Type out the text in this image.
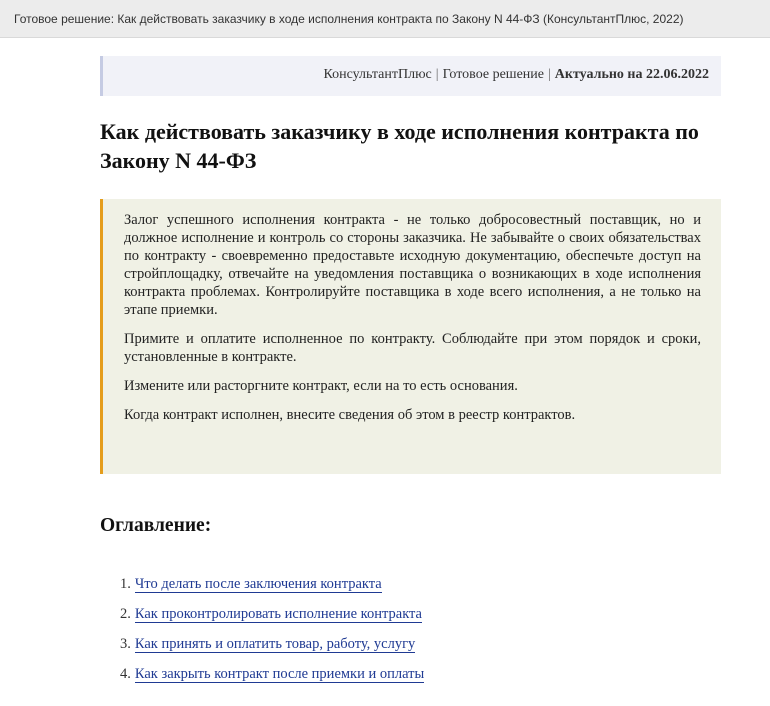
Готовое решение: Как действовать заказчику в ходе исполнения контракта по Закону N 44-ФЗ (КонсультантПлюс, 2022)
КонсультантПлюс | Готовое решение | Актуально на 22.06.2022
Как действовать заказчику в ходе исполнения контракта по Закону N 44-ФЗ

Залог успешного исполнения контракта - не только добросовестный поставщик, но и должное исполнение и контроль со стороны заказчика. Не забывайте о своих обязательствах по контракту - своевременно предоставьте исходную документацию, обеспечьте доступ на стройплощадку, отвечайте на уведомления поставщика о возникающих в ходе исполнения контракта проблемах. Контролируйте поставщика в ходе всего исполнения, а не только на этапе приемки.

Примите и оплатите исполненное по контракту. Соблюдайте при этом порядок и сроки, установленные в контракте.

Измените или расторгните контракт, если на то есть основания.

Когда контракт исполнен, внесите сведения об этом в реестр контрактов.

Оглавление:
1. Что делать после заключения контракта
2. Как проконтролировать исполнение контракта
3. Как принять и оплатить товар, работу, услугу
4. Как закрыть контракт после приемки и оплаты
